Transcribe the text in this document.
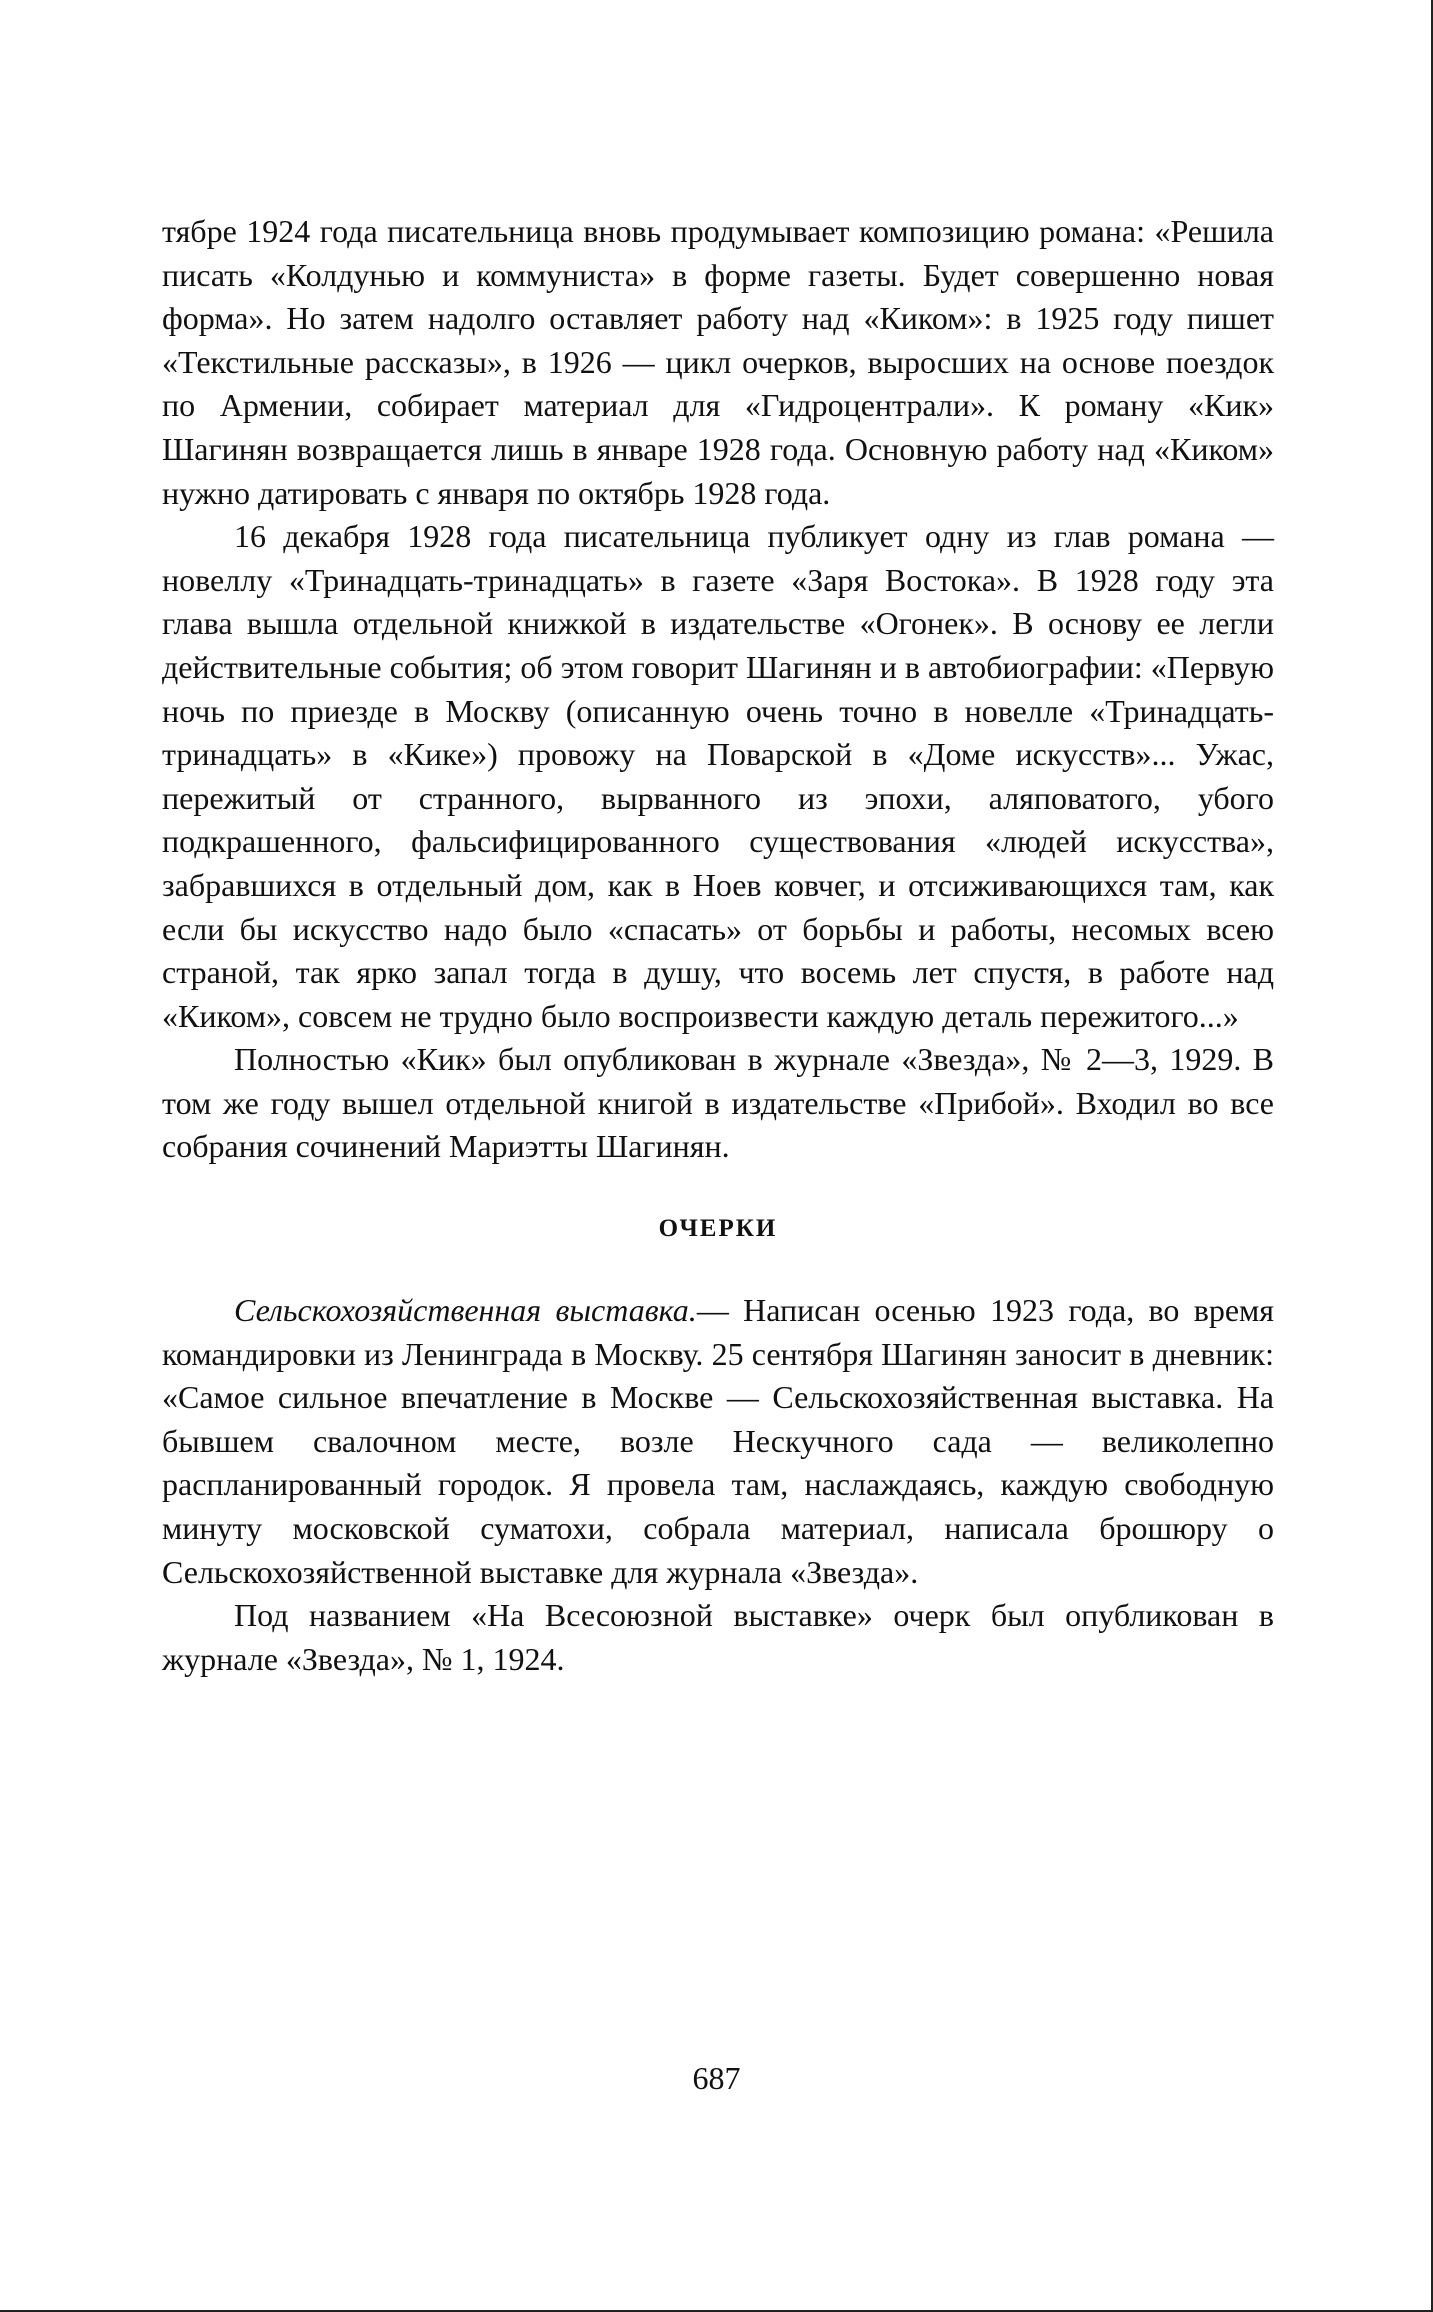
тябре 1924 года писательница вновь продумывает композицию романа: «Решила писать «Колдунью и коммуниста» в форме газеты. Будет совершенно новая форма». Но затем надолго оставляет работу над «Киком»: в 1925 году пишет «Текстильные рассказы», в 1926 — цикл очерков, выросших на основе поездок по Армении, собирает материал для «Гидроцентрали». К роману «Кик» Шагинян возвращается лишь в январе 1928 года. Основную работу над «Киком» нужно датировать с января по октябрь 1928 года.

16 декабря 1928 года писательница публикует одну из глав романа — новеллу «Тринадцать-тринадцать» в газете «Заря Востока». В 1928 году эта глава вышла отдельной книжкой в издательстве «Огонек». В основу ее легли действительные события; об этом говорит Шагинян и в автобиографии: «Первую ночь по приезде в Москву (описанную очень точно в новелле «Тринадцать-тринадцать» в «Кике») провожу на Поварской в «Доме искусств»... Ужас, пережитый от странного, вырванного из эпохи, аляповатого, убого подкрашенного, фальсифицированного существования «людей искусства», забравшихся в отдельный дом, как в Ноев ковчег, и отсиживающихся там, как если бы искусство надо было «спасать» от борьбы и работы, несомых всею страной, так ярко запал тогда в душу, что восемь лет спустя, в работе над «Киком», совсем не трудно было воспроизвести каждую деталь пережитого...»

Полностью «Кик» был опубликован в журнале «Звезда», № 2—3, 1929. В том же году вышел отдельной книгой в издательстве «Прибой». Входил во все собрания сочинений Мариэтты Шагинян.

ОЧЕРКИ

Сельскохозяйственная выставка.— Написан осенью 1923 года, во время командировки из Ленинграда в Москву. 25 сентября Шагинян заносит в дневник: «Самое сильное впечатление в Москве — Сельскохозяйственная выставка. На бывшем свалочном месте, возле Нескучного сада — великолепно распланированный городок. Я провела там, наслаждаясь, каждую свободную минуту московской суматохи, собрала материал, написала брошюру о Сельскохозяйственной выставке для журнала «Звезда».

Под названием «На Всесоюзной выставке» очерк был опубликован в журнале «Звезда», № 1, 1924.

687
